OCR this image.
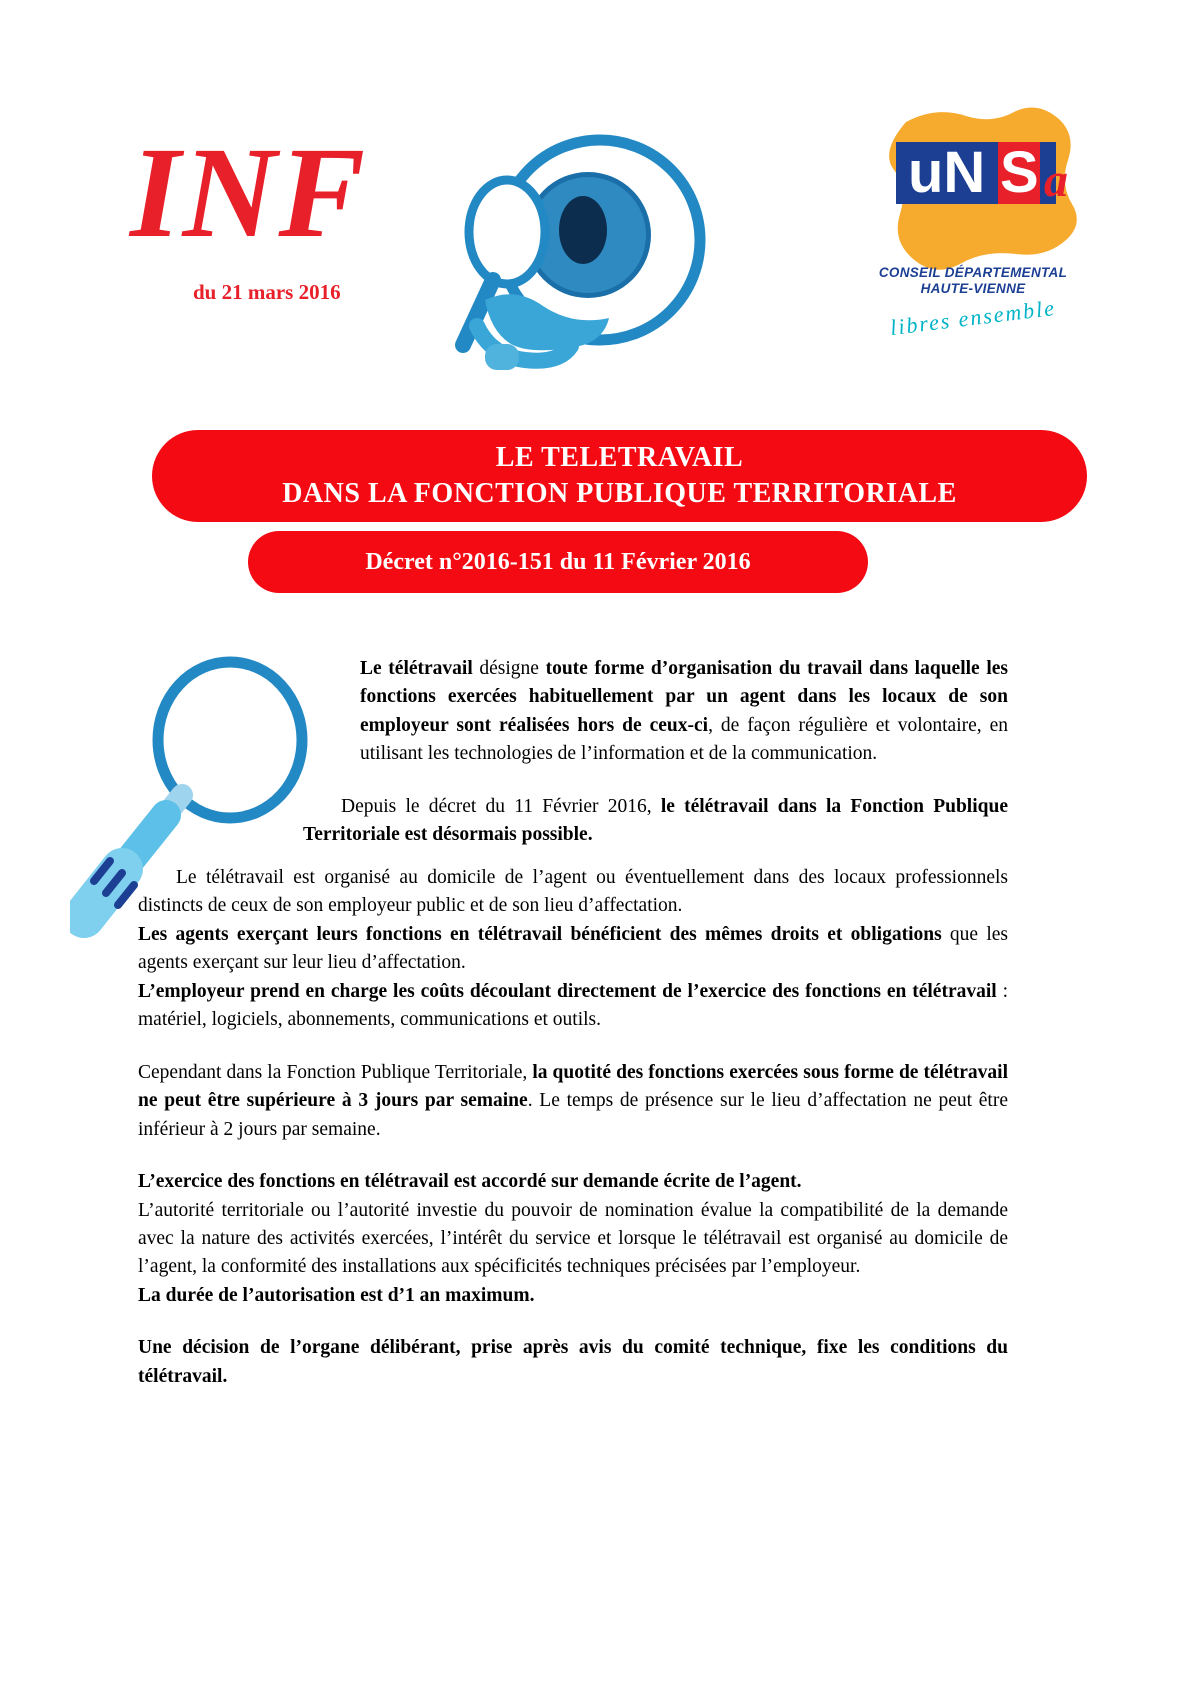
INF
du 21 mars 2016
uN S a
CONSEIL DÉPARTEMENTAL
HAUTE-VIENNE
libres ensemble
LE TELETRAVAIL
DANS LA FONCTION PUBLIQUE TERRITORIALE
Décret n°2016-151 du 11 Février 2016

Le télétravail désigne toute forme d’organisation du travail dans laquelle les fonctions exercées habituellement par un agent dans les locaux de son employeur sont réalisées hors de ceux-ci, de façon régulière et volontaire, en utilisant les technologies de l’information et de la communication.

Depuis le décret du 11 Février 2016, le télétravail dans la Fonction Publique Territoriale est désormais possible.

Le télétravail est organisé au domicile de l’agent ou éventuellement dans des locaux professionnels distincts de ceux de son employeur public et de son lieu d’affectation.

Les agents exerçant leurs fonctions en télétravail bénéficient des mêmes droits et obligations que les agents exerçant sur leur lieu d’affectation.

L’employeur prend en charge les coûts découlant directement de l’exercice des fonctions en télétravail : matériel, logiciels, abonnements, communications et outils.

Cependant dans la Fonction Publique Territoriale, la quotité des fonctions exercées sous forme de télétravail ne peut être supérieure à 3 jours par semaine. Le temps de présence sur le lieu d’affectation ne peut être inférieur à 2 jours par semaine.

L’exercice des fonctions en télétravail est accordé sur demande écrite de l’agent.

L’autorité territoriale ou l’autorité investie du pouvoir de nomination évalue la compatibilité de la demande avec la nature des activités exercées, l’intérêt du service et lorsque le télétravail est organisé au domicile de l’agent, la conformité des installations aux spécificités techniques précisées par l’employeur.

La durée de l’autorisation est d’1 an maximum.

Une décision de l’organe délibérant, prise après avis du comité technique, fixe les conditions du télétravail.
